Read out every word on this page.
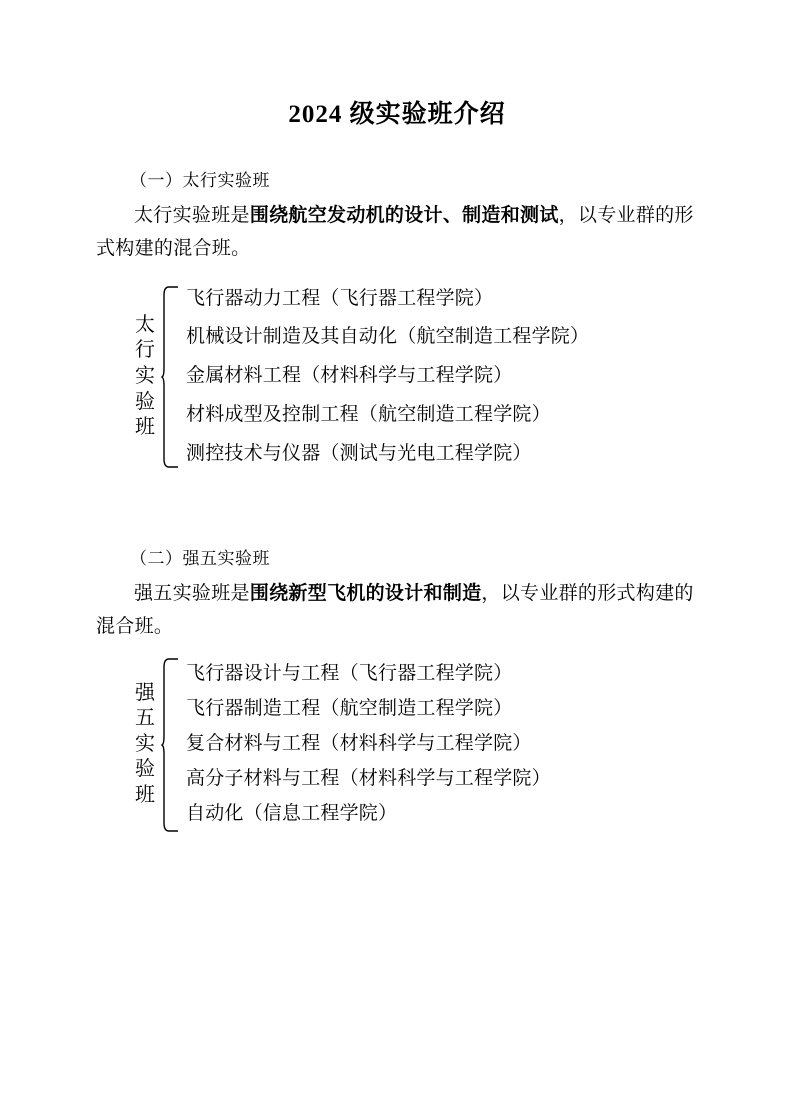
2024 级实验班介绍

（一）太行实验班

太行实验班是围绕航空发动机的设计、制造和测试，以专业群的形式构建的混合班。

太
行
实
验
班
飞行器动力工程（飞行器工程学院）
机械设计制造及其自动化（航空制造工程学院）
金属材料工程（材料科学与工程学院）
材料成型及控制工程（航空制造工程学院）
测控技术与仪器（测试与光电工程学院）

（二）强五实验班

强五实验班是围绕新型飞机的设计和制造，以专业群的形式构建的混合班。

强
五
实
验
班
飞行器设计与工程（飞行器工程学院）
飞行器制造工程（航空制造工程学院）
复合材料与工程（材料科学与工程学院）
高分子材料与工程（材料科学与工程学院）
自动化（信息工程学院）
